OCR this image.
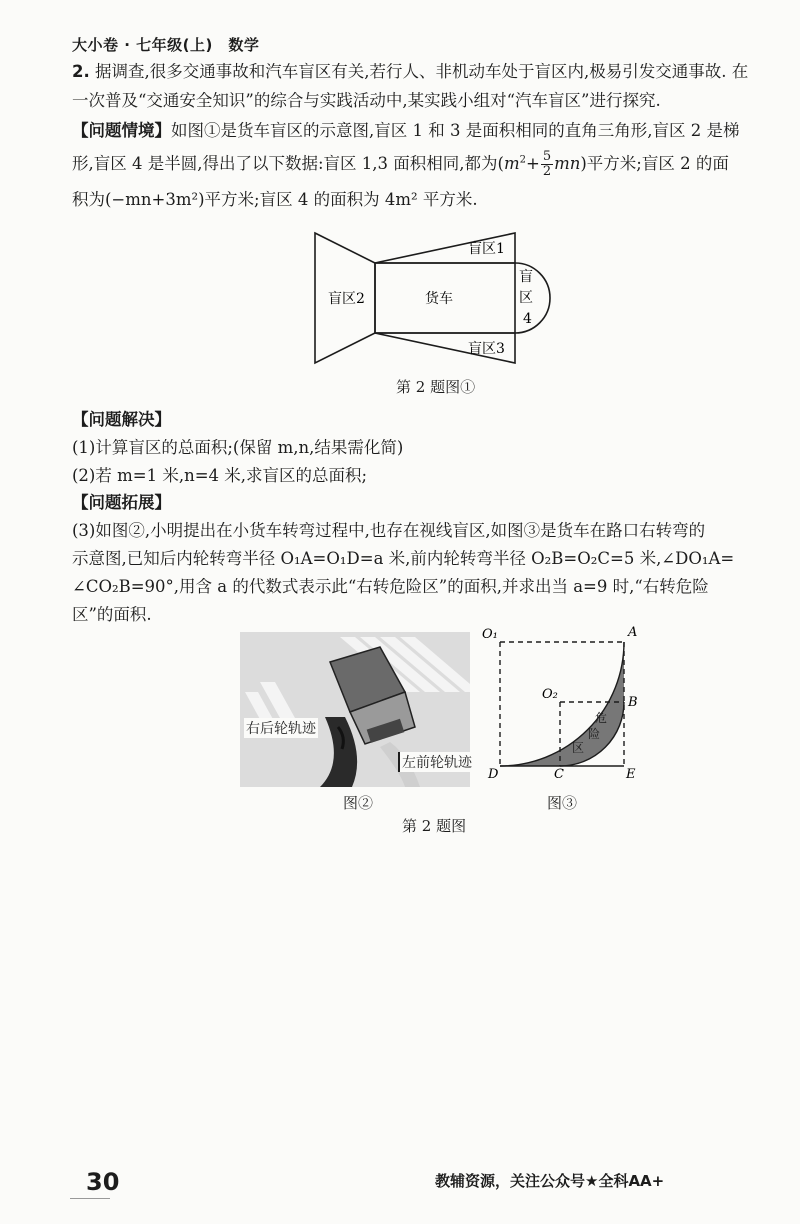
大小卷 · 七年级(上)　数学
2. 据调查,很多交通事故和汽车盲区有关,若行人、非机动车处于盲区内,极易引发交通事故. 在
一次普及“交通安全知识”的综合与实践活动中,某实践小组对“汽车盲区”进行探究.
【问题情境】如图①是货车盲区的示意图,盲区 1 和 3 是面积相同的直角三角形,盲区 2 是梯
形,盲区 4 是半圆,得出了以下数据:盲区 1,3 面积相同,都为$(m^2+ \frac{5}{2} mn)$平方米;盲区 2 的面
积为(−mn+3m²)平方米;盲区 4 的面积为 4m² 平方米.
盲区1
盲区2	货车
盲区3
盲
区
4
第 2 题图①
【问题解决】
(1)计算盲区的总面积;(保留 m,n,结果需化简)
(2)若 m=1 米,n=4 米,求盲区的总面积;
【问题拓展】
(3)如图②,小明提出在小货车转弯过程中,也存在视线盲区,如图③是货车在路口右转弯的
示意图,已知后内轮转弯半径 O₁A=O₁D=a 米,前内轮转弯半径 O₂B=O₂C=5 米,∠DO₁A=
∠CO₂B=90°,用含 a 的代数式表示此“右转危险区”的面积,并求出当 a=9 时,“右转危险
区”的面积.
右后轮轨迹
左前轮轨迹
图②
O₁	A
O₂
B
D	C	E
危
险
区
图③
第 2 题图
30	教辅资源，关注公众号★全科AA+
